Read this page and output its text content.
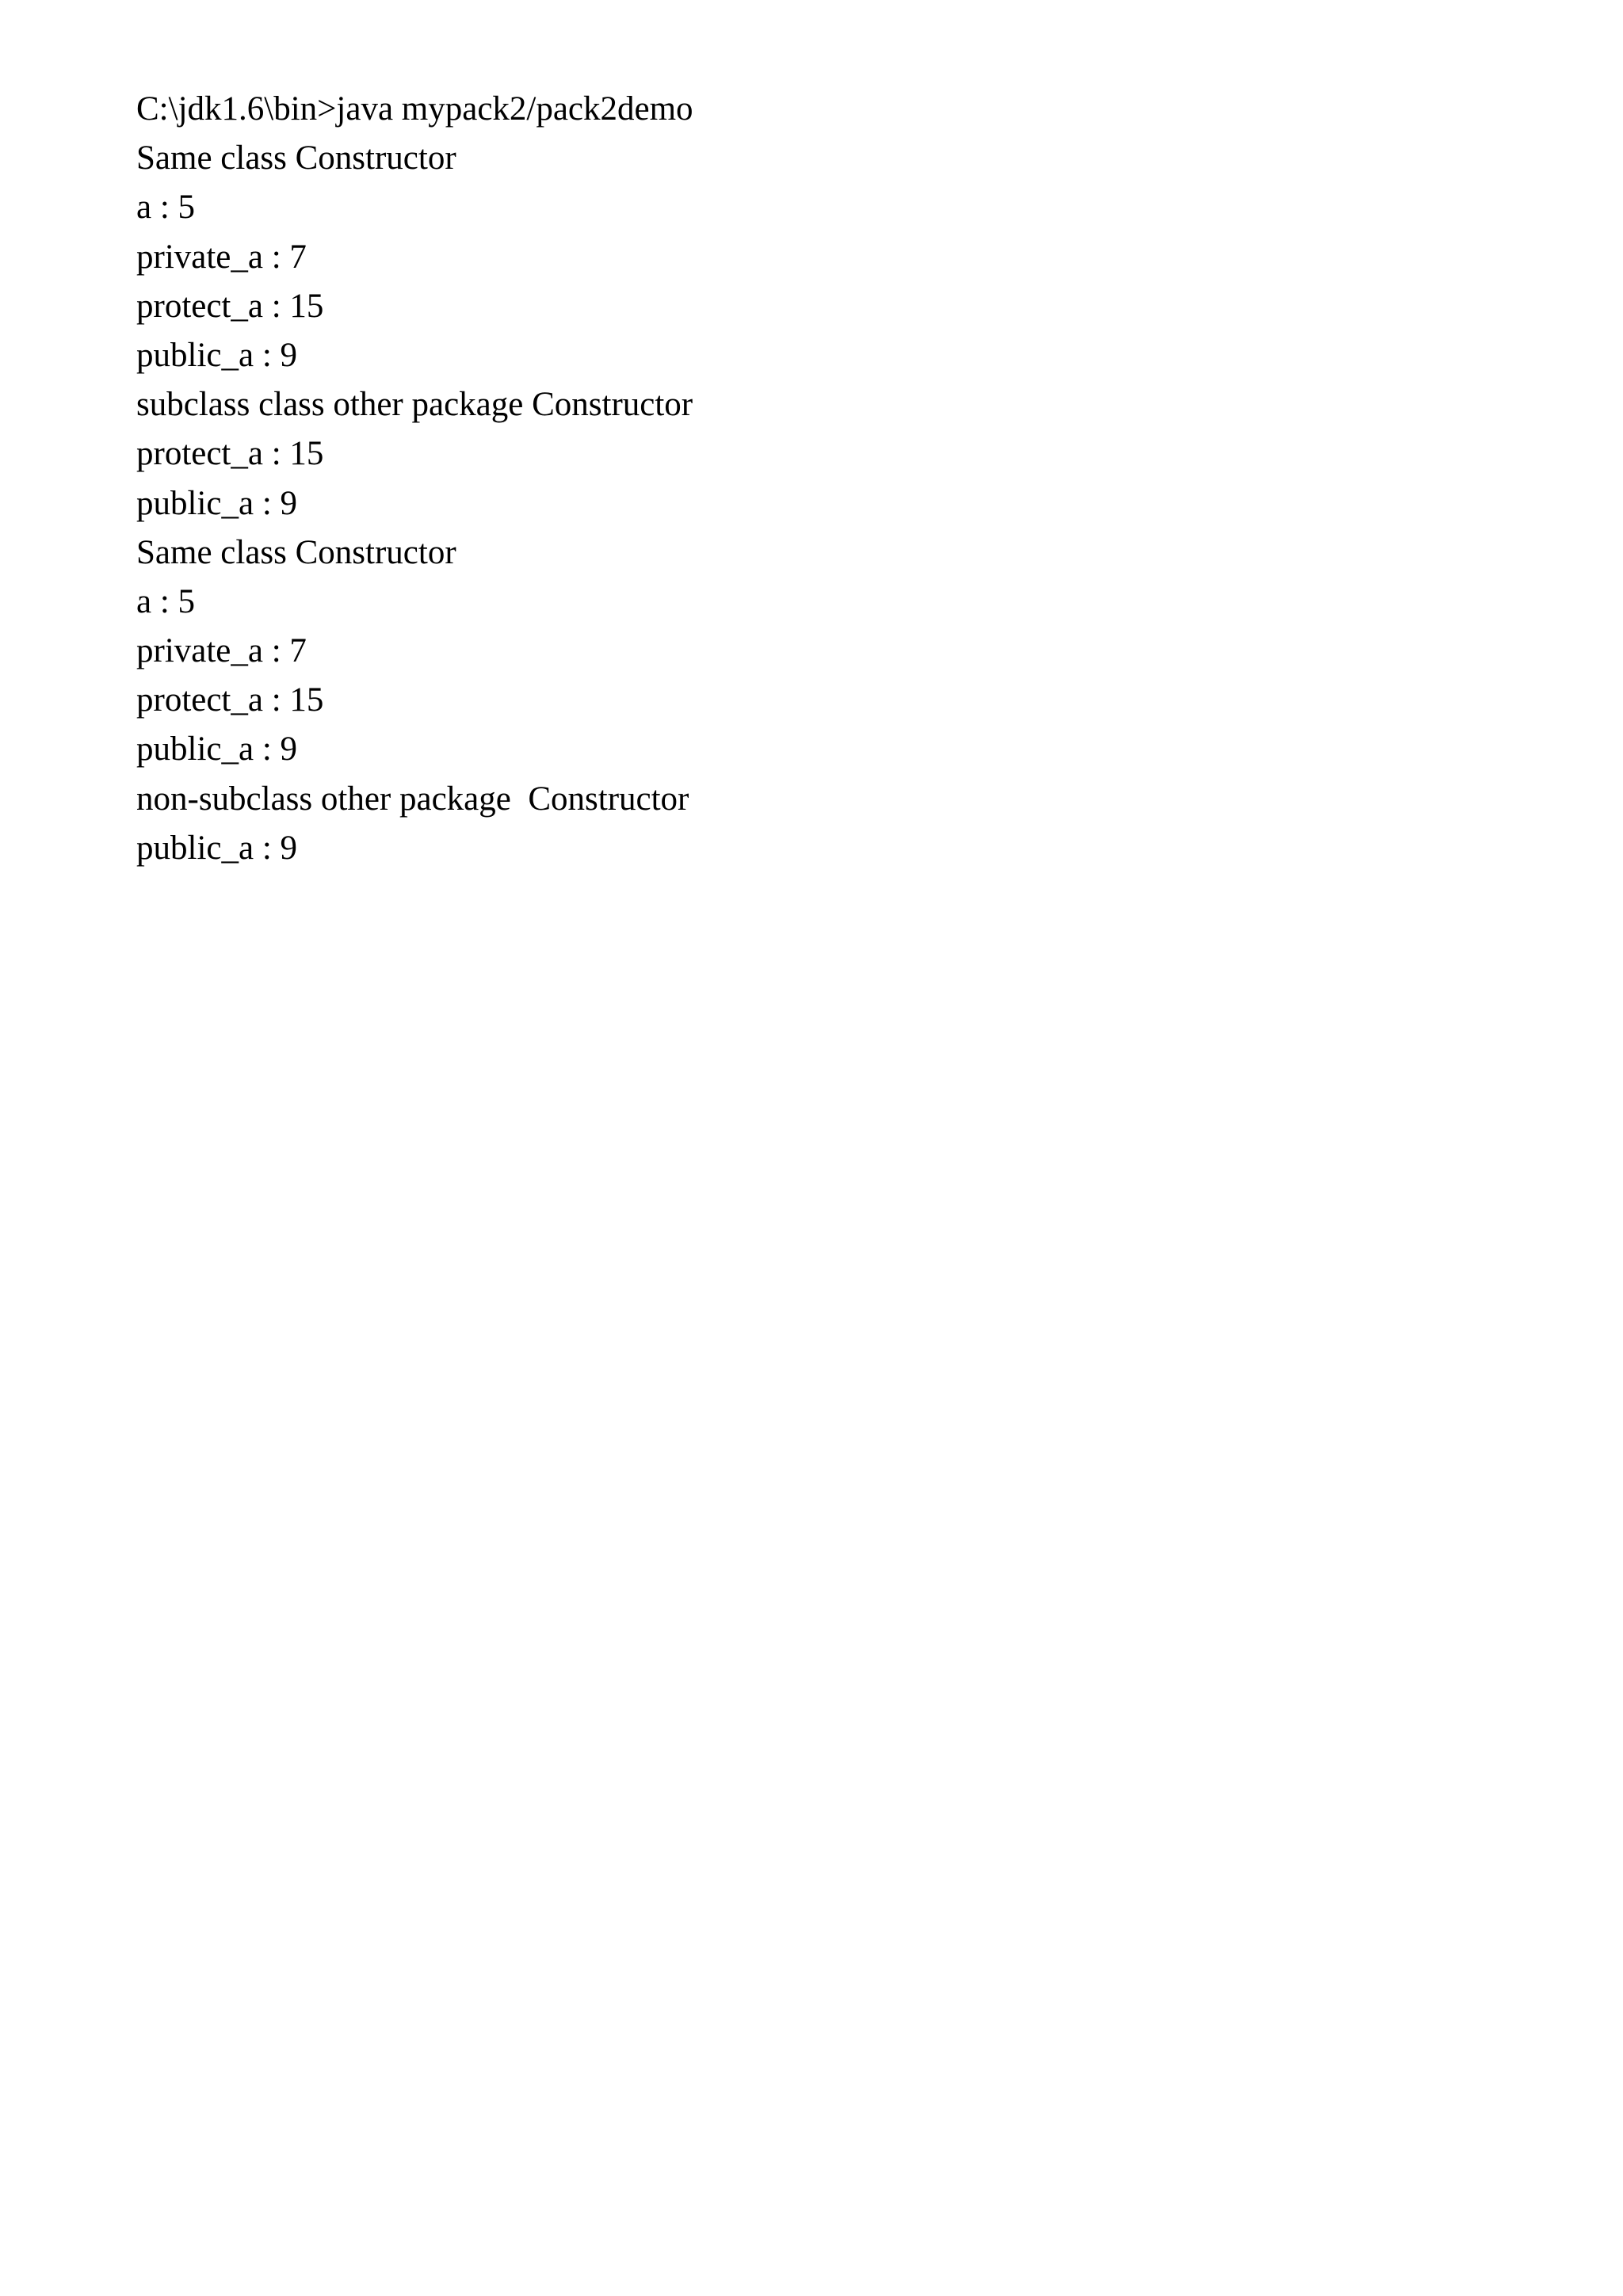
C:\jdk1.6\bin>java mypack2/pack2demo
Same class Constructor
a : 5
private_a : 7
protect_a : 15
public_a : 9
subclass class other package Constructor
protect_a : 15
public_a : 9
Same class Constructor
a : 5
private_a : 7
protect_a : 15
public_a : 9
non-subclass other package  Constructor
public_a : 9
